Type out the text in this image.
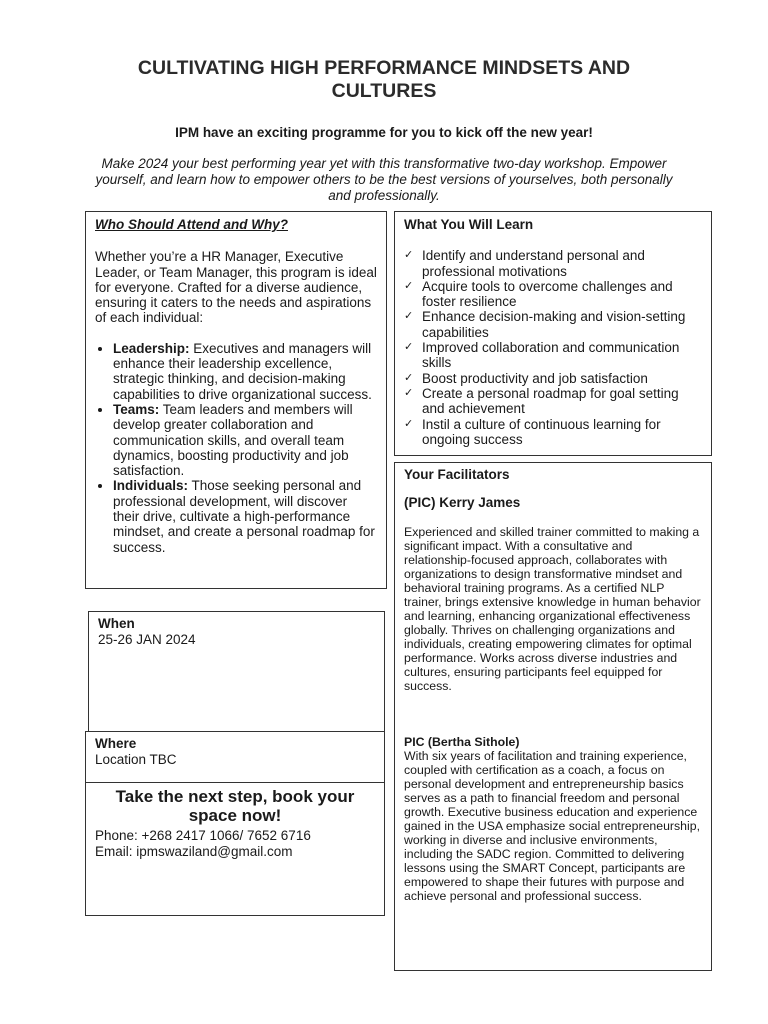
CULTIVATING HIGH PERFORMANCE MINDSETS AND CULTURES
IPM have an exciting programme for you to kick off the new year!
Make 2024 your best performing year yet with this transformative two-day workshop. Empower yourself, and learn how to empower others to be the best versions of yourselves, both personally and professionally.
Who Should Attend and Why?
Whether you’re a HR Manager, Executive Leader, or Team Manager, this program is ideal for everyone. Crafted for a diverse audience, ensuring it caters to the needs and aspirations of each individual:
• Leadership: Executives and managers will enhance their leadership excellence, strategic thinking, and decision-making capabilities to drive organizational success.
• Teams: Team leaders and members will develop greater collaboration and communication skills, and overall team dynamics, boosting productivity and job satisfaction.
• Individuals: Those seeking personal and professional development, will discover their drive, cultivate a high-performance mindset, and create a personal roadmap for success.
What You Will Learn
✓ Identify and understand personal and professional motivations
✓ Acquire tools to overcome challenges and foster resilience
✓ Enhance decision-making and vision-setting capabilities
✓ Improved collaboration and communication skills
✓ Boost productivity and job satisfaction
✓ Create a personal roadmap for goal setting and achievement
✓ Instil a culture of continuous learning for ongoing success
Your Facilitators
(PIC) Kerry James
Experienced and skilled trainer committed to making a significant impact. With a consultative and relationship-focused approach, collaborates with organizations to design transformative mindset and behavioral training programs. As a certified NLP trainer, brings extensive knowledge in human behavior and learning, enhancing organizational effectiveness globally. Thrives on challenging organizations and individuals, creating empowering climates for optimal performance. Works across diverse industries and cultures, ensuring participants feel equipped for success.
PIC (Bertha Sithole)
With six years of facilitation and training experience, coupled with certification as a coach, a focus on personal development and entrepreneurship basics serves as a path to financial freedom and personal growth. Executive business education and experience gained in the USA emphasize social entrepreneurship, working in diverse and inclusive environments, including the SADC region. Committed to delivering lessons using the SMART Concept, participants are empowered to shape their futures with purpose and achieve personal and professional success.
When
25-26 JAN 2024
Where
Location TBC
Take the next step, book your space now!
Phone: +268 2417 1066/ 7652 6716
Email: ipmswaziland@gmail.com
